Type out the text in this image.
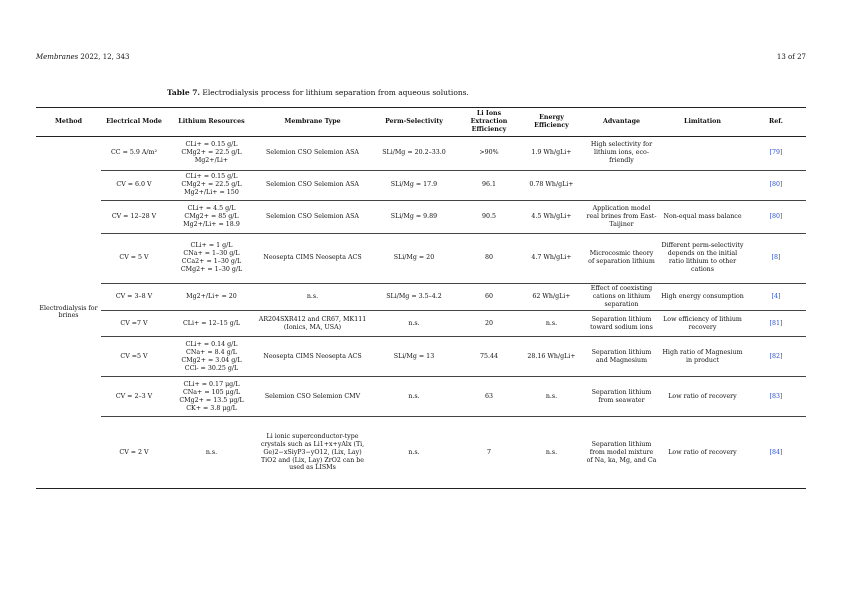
Membranes 2022, 12, 343	13 of 27
Table 7. Electrodialysis process for lithium separation from aqueous solutions.
Method	Electrical Mode	Lithium Resources	Membrane Type	Perm-Selectivity	Li Ions Extraction Efficiency	Energy Efficiency	Advantage	Limitation	Ref.
Electrodialysis for brines	CC = 5.9 A/m²	CLi+ = 0.15 g/L
CMg2+ = 22.5 g/L
Mg2+/Li+	Selemion CSO Selemion ASA	SLi/Mg = 20.2–33.0	>90%	1.9 Wh/gLi+	High selectivity for lithium ions, eco-friendly		[79]
	CV = 6.0 V	CLi+ = 0.15 g/L
CMg2+ = 22.5 g/L
Mg2+/Li+ = 150	Selemion CSO Selemion ASA	SLi/Mg = 17.9	96.1	0.78 Wh/gLi+			[80]
	CV = 12–28 V	CLi+ = 4.5 g/L
CMg2+ = 85 g/L
Mg2+/Li+ = 18.9	Selemion CSO Selemion ASA	SLi/Mg = 9.89	90.5	4.5 Wh/gLi+	Application model real brines from East-Taijiner	Non-equal mass balance	[80]
	CV = 5 V	CLi+ = 1 g/L
CNa+ = 1–30 g/L
CCa2+ = 1–30 g/L
CMg2+ = 1–30 g/L	Neosepta CIMS Neosepta ACS	SLi/Mg = 20	80	4.7 Wh/gLi+	Microcosmic theory of separation lithium	Different perm-selectivity depends on the initial ratio lithium to other cations	[8]
	CV = 3–8 V	Mg2+/Li+ = 20	n.s.	SLi/Mg = 3.5–4.2	60	62 Wh/gLi+	Effect of coexisting cations on lithium separation	High energy consumption	[4]
	CV =7 V	CLi+ = 12–15 g/L	AR204SXR412 and CR67, MK111 (Ionics, MA, USA)	n.s.	20	n.s.	Separation lithium toward sodium ions	Low efficiency of lithium recovery	[81]
	CV =5 V	CLi+ = 0.14 g/L
CNa+ = 8.4 g/L
CMg2+ = 3.04 g/L
CCl- = 30.25 g/L	Neosepta CIMS Neosepta ACS	SLi/Mg = 13	75.44	28.16 Wh/gLi+	Separation lithium and Magnesium	High ratio of Magnesium in product	[82]
	CV = 2–3 V	CLi+ = 0.17 μg/L
CNa+ = 105 μg/L
CMg2+ = 13.5 μg/L
CK+ = 3.8 μg/L	Selemion CSO Selemion CMV	n.s.	63	n.s.	Separation lithium from seawater	Low ratio of recovery	[83]
	CV = 2 V	n.s.	Li ionic superconductor-type crystals such as Li1+x+yAlx (Ti, Ge)2−xSiyP3−yO12, (Lix, Lay) TiO2 and (Lix, Lay) ZrO2 can be used as LISMs	n.s.	7	n.s.	Separation lithium from model mixture of Na, ka, Mg, and Ca	Low ratio of recovery	[84]
